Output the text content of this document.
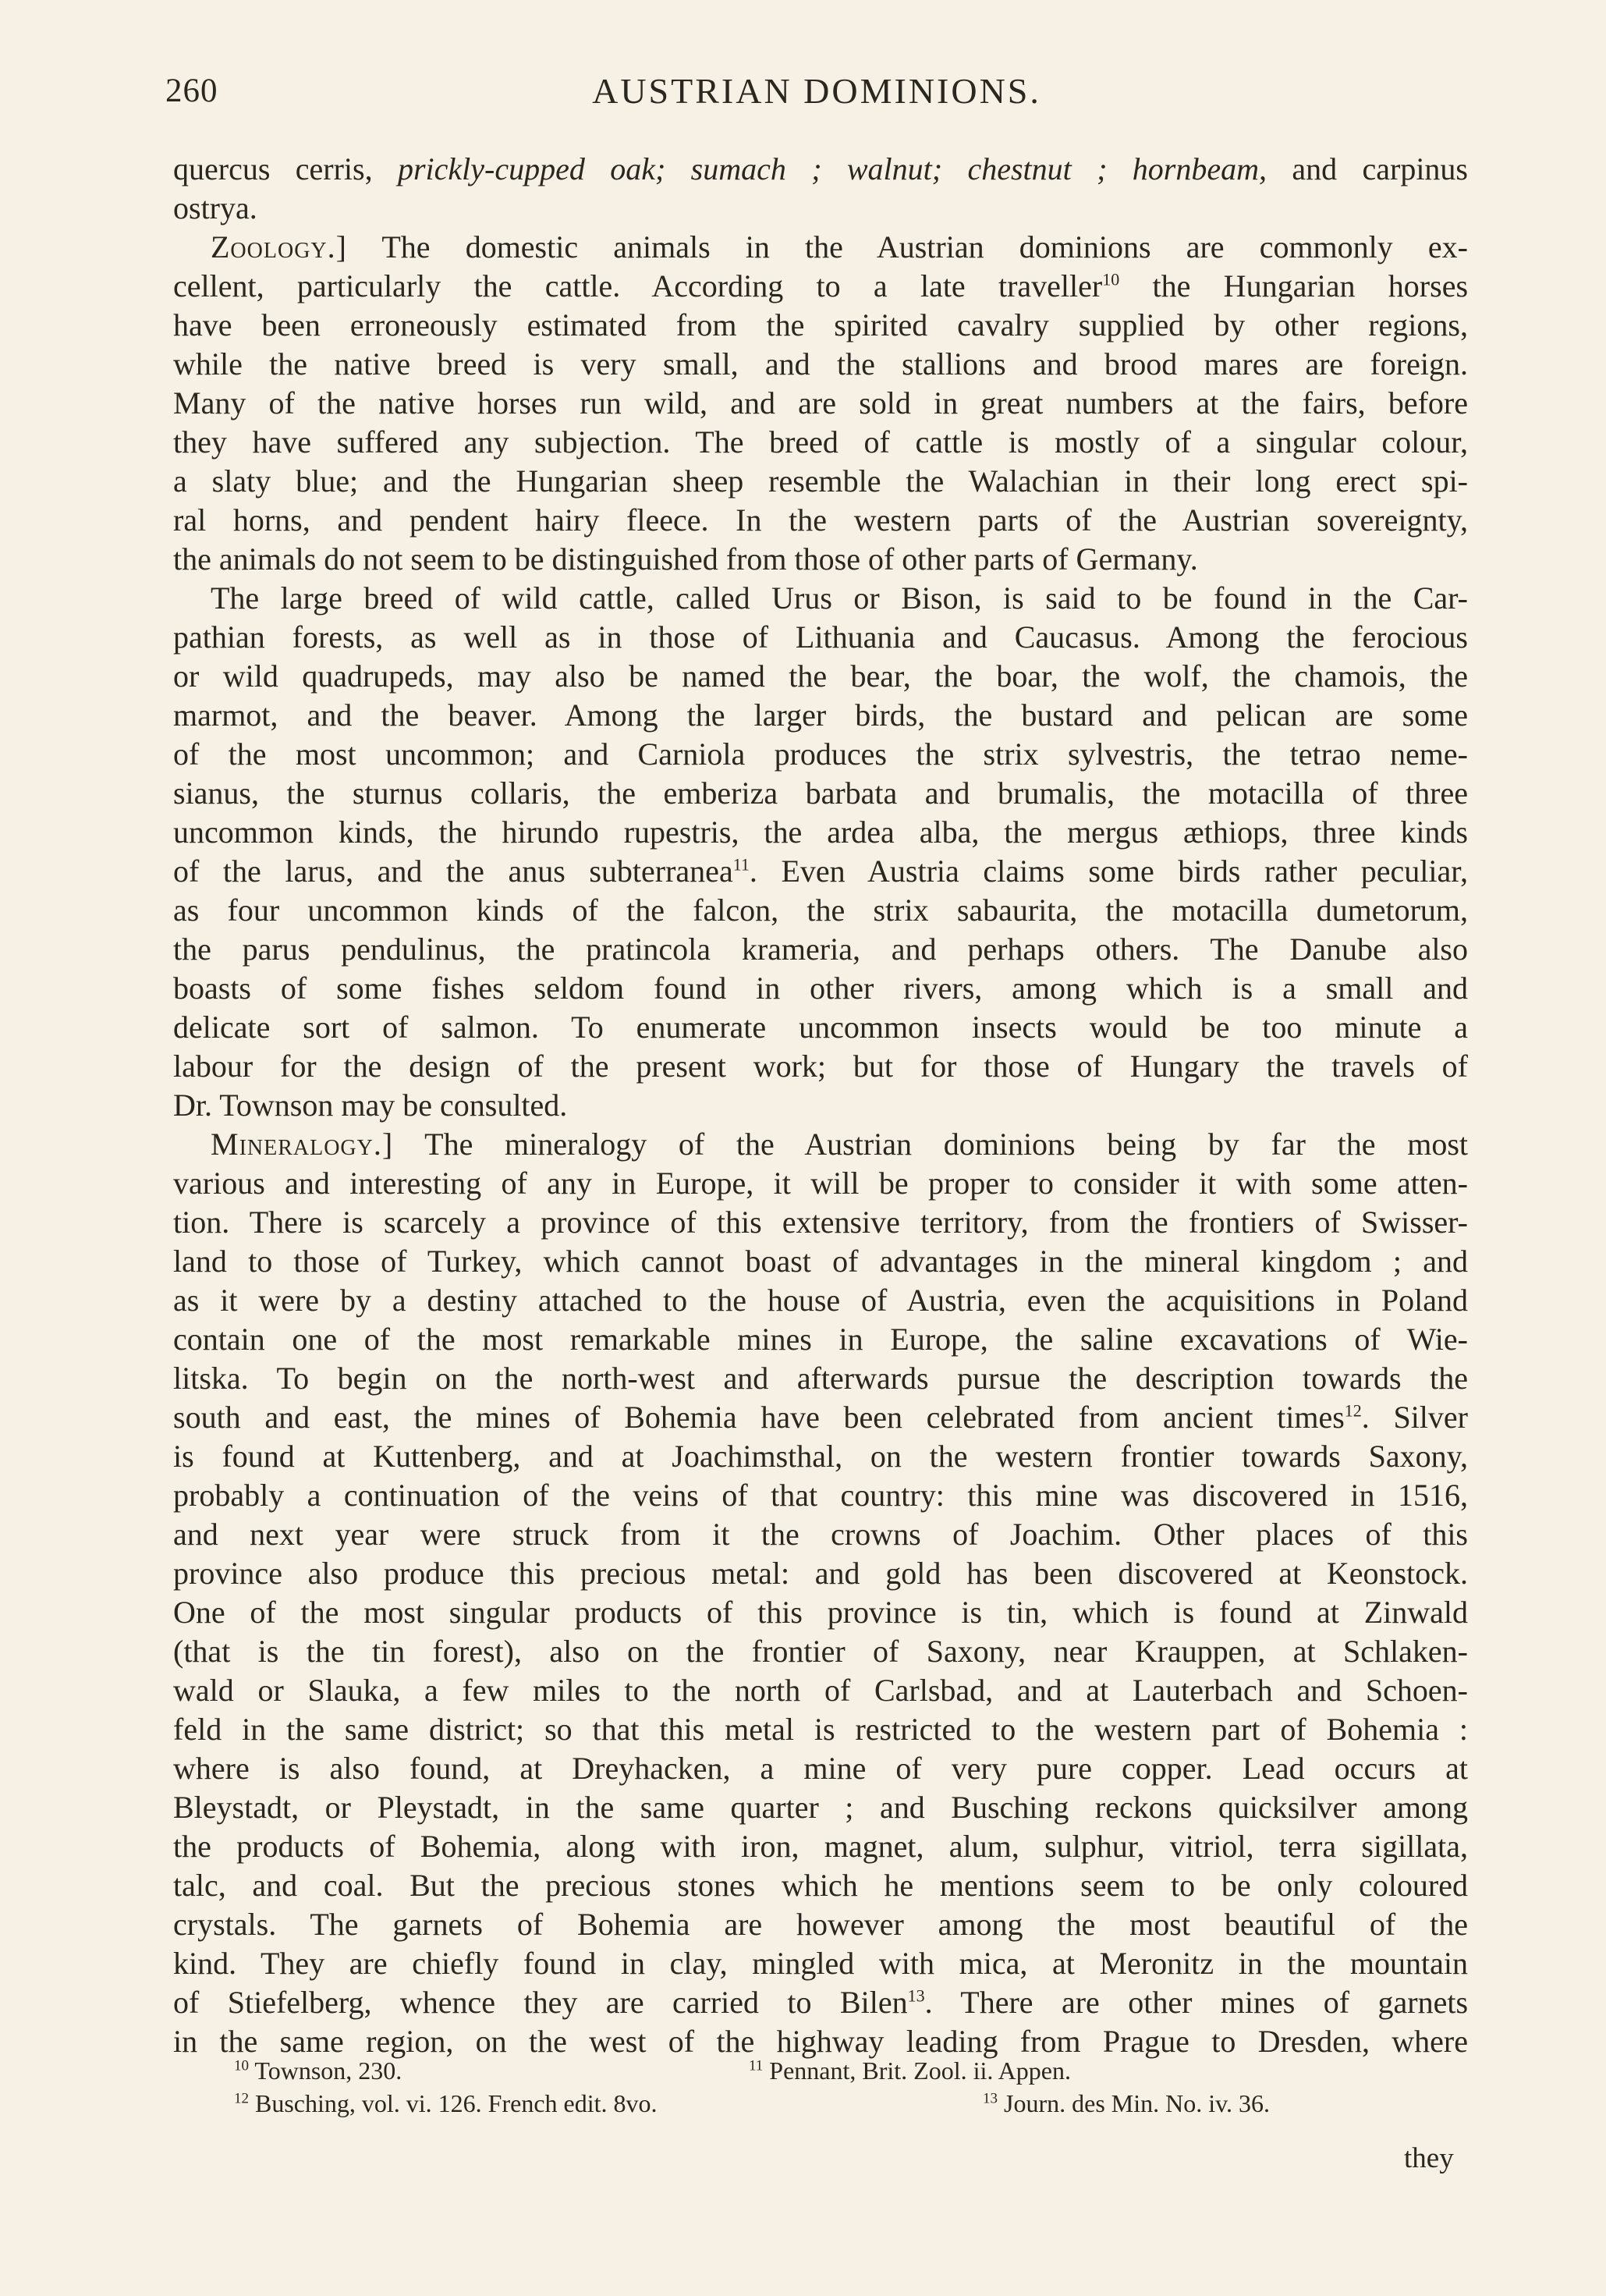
260	AUSTRIAN DOMINIONS.
quercus cerris, prickly-cupped oak; sumach ; walnut; chestnut ; hornbeam, and carpinus
ostrya.
Zoology.] The domestic animals in the Austrian dominions are commonly ex-
cellent, particularly the cattle. According to a late traveller$^{10}$ the Hungarian horses
have been erroneously estimated from the spirited cavalry supplied by other regions,
while the native breed is very small, and the stallions and brood mares are foreign.
Many of the native horses run wild, and are sold in great numbers at the fairs, before
they have suffered any subjection. The breed of cattle is mostly of a singular colour,
a slaty blue; and the Hungarian sheep resemble the Walachian in their long erect spi-
ral horns, and pendent hairy fleece. In the western parts of the Austrian sovereignty,
the animals do not seem to be distinguished from those of other parts of Germany.
The large breed of wild cattle, called Urus or Bison, is said to be found in the Car-
pathian forests, as well as in those of Lithuania and Caucasus. Among the ferocious
or wild quadrupeds, may also be named the bear, the boar, the wolf, the chamois, the
marmot, and the beaver. Among the larger birds, the bustard and pelican are some
of the most uncommon; and Carniola produces the strix sylvestris, the tetrao neme-
sianus, the sturnus collaris, the emberiza barbata and brumalis, the motacilla of three
uncommon kinds, the hirundo rupestris, the ardea alba, the mergus æthiops, three kinds
of the larus, and the anus subterranea$^{11}$. Even Austria claims some birds rather peculiar,
as four uncommon kinds of the falcon, the strix sabaurita, the motacilla dumetorum,
the parus pendulinus, the pratincola krameria, and perhaps others. The Danube also
boasts of some fishes seldom found in other rivers, among which is a small and
delicate sort of salmon. To enumerate uncommon insects would be too minute a
labour for the design of the present work; but for those of Hungary the travels of
Dr. Townson may be consulted.
Mineralogy.] The mineralogy of the Austrian dominions being by far the most
various and interesting of any in Europe, it will be proper to consider it with some atten-
tion. There is scarcely a province of this extensive territory, from the frontiers of Swisser-
land to those of Turkey, which cannot boast of advantages in the mineral kingdom ; and
as it were by a destiny attached to the house of Austria, even the acquisitions in Poland
contain one of the most remarkable mines in Europe, the saline excavations of Wie-
litska. To begin on the north-west and afterwards pursue the description towards the
south and east, the mines of Bohemia have been celebrated from ancient times$^{12}$. Silver
is found at Kuttenberg, and at Joachimsthal, on the western frontier towards Saxony,
probably a continuation of the veins of that country: this mine was discovered in 1516,
and next year were struck from it the crowns of Joachim. Other places of this
province also produce this precious metal: and gold has been discovered at Keonstock.
One of the most singular products of this province is tin, which is found at Zinwald
(that is the tin forest), also on the frontier of Saxony, near Krauppen, at Schlaken-
wald or Slauka, a few miles to the north of Carlsbad, and at Lauterbach and Schoen-
feld in the same district; so that this metal is restricted to the western part of Bohemia :
where is also found, at Dreyhacken, a mine of very pure copper. Lead occurs at
Bleystadt, or Pleystadt, in the same quarter ; and Busching reckons quicksilver among
the products of Bohemia, along with iron, magnet, alum, sulphur, vitriol, terra sigillata,
talc, and coal. But the precious stones which he mentions seem to be only coloured
crystals. The garnets of Bohemia are however among the most beautiful of the
kind. They are chiefly found in clay, mingled with mica, at Meronitz in the mountain
of Stiefelberg, whence they are carried to Bilen$^{13}$. There are other mines of garnets
in the same region, on the west of the highway leading from Prague to Dresden, where
$^{10}$ Townson, 230.	$^{11}$ Pennant, Brit. Zool. ii. Appen.
$^{12}$ Busching, vol. vi. 126. French edit. 8vo.	$^{13}$ Journ. des Min. No. iv. 36.
they
